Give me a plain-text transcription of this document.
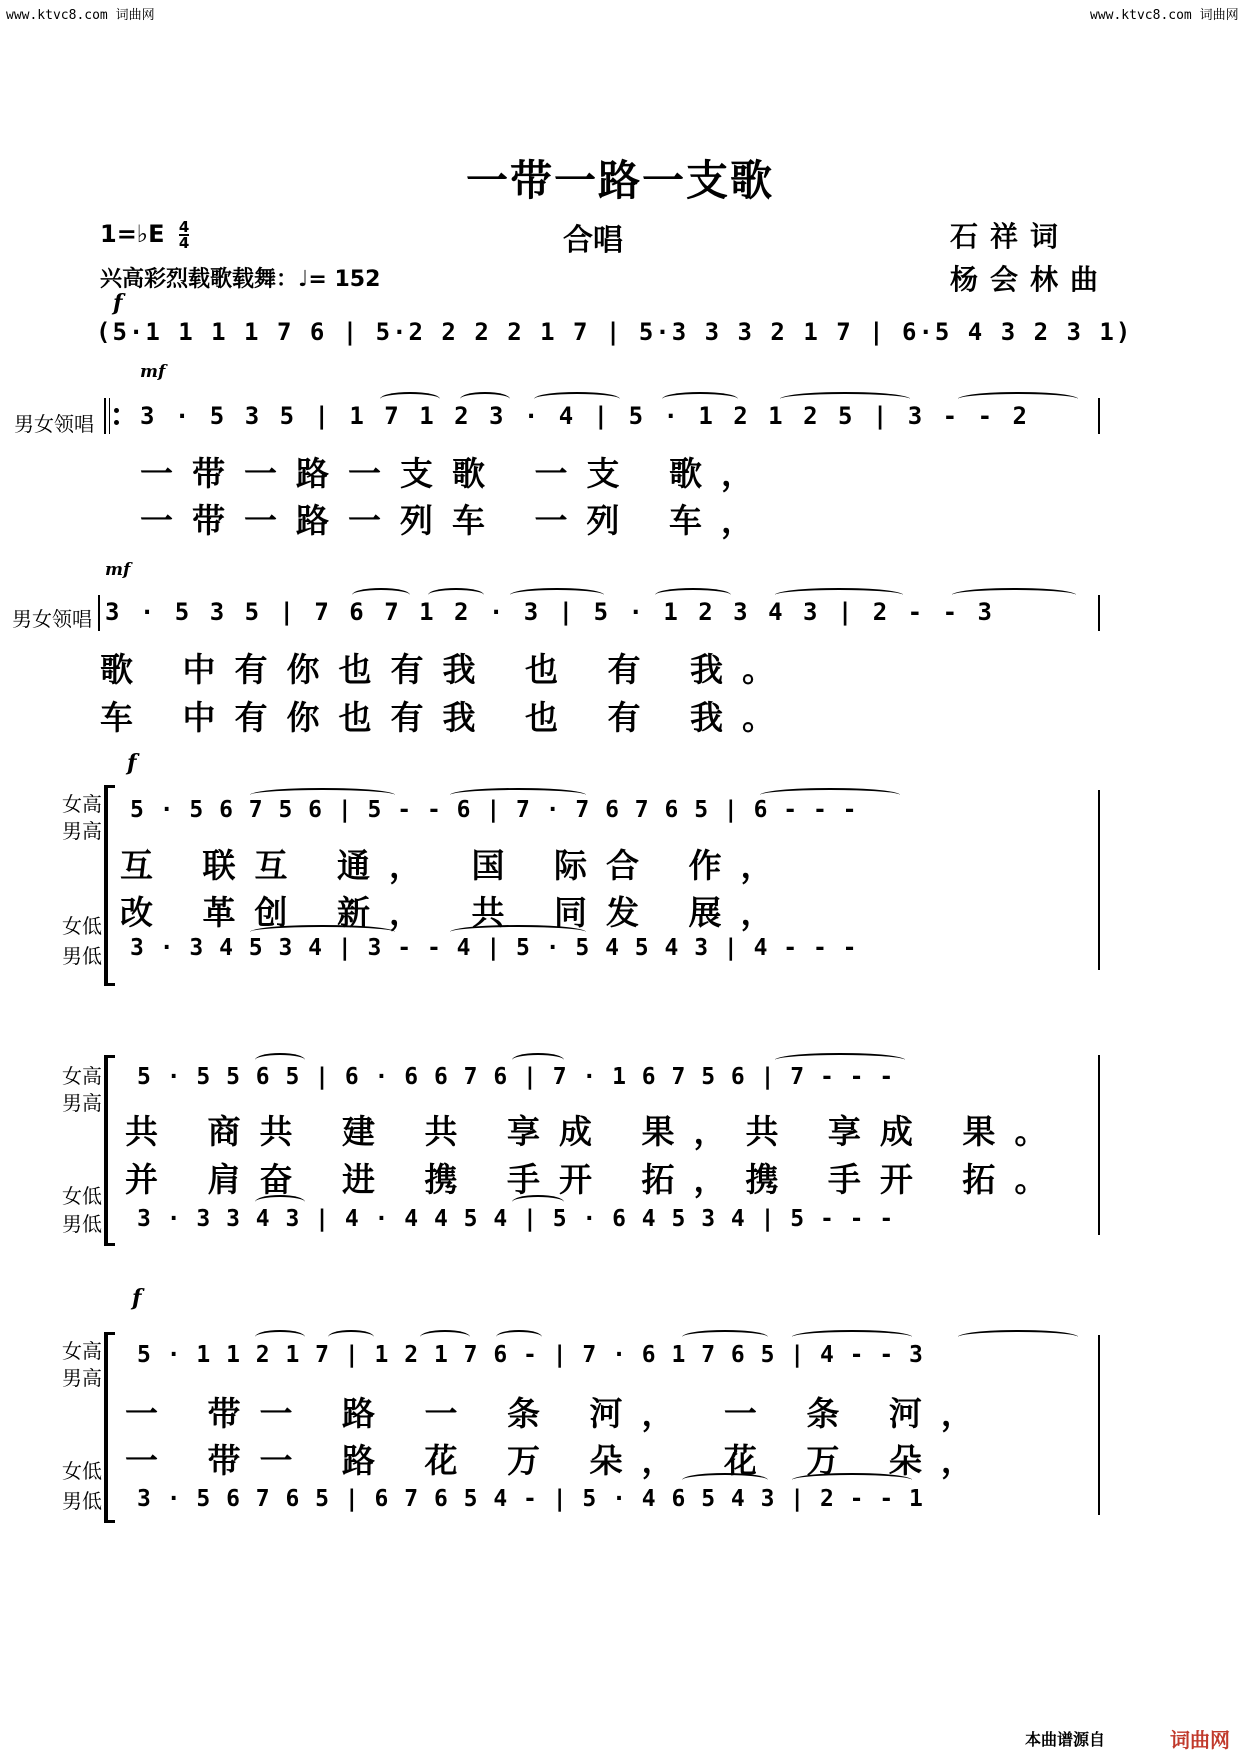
www.ktvc8.com 词曲网	www.ktvc8.com 词曲网
一带一路一支歌
合唱
1=♭E $\frac{4}{4}$
兴高彩烈载歌载舞：♩= 152
石祥词
杨会林曲
f
(5·1 1 1 1 7 6 | 5·2 2 2 2 1 7 | 5·3 3 3 2 1 7 | 6·5 4 3 2 3 1)
mf
男女领唱 3 · 5 3 5 | 1 7 1 2 3 · 4 | 5 · 1 2 1 2 5 | 3 - - 2
一带一路一支歌 一支 歌，
一带一路一列车 一列 车，
mf
男女领唱 3 · 5 3 5 | 7 6 7 1 2 · 3 | 5 · 1 2 3 4 3 | 2 - - 3
歌 中有你也有我 也 有 我。
车 中有你也有我 也 有 我。
f
女高
男高
5 · 5 6 7 5 6 | 5 - - 6 | 7 · 7 6 7 6 5 | 6 - - -
互 联互 通， 国 际合 作，
改 革创 新， 共 同发 展，
女低
男低 3 · 3 4 5 3 4 | 3 - - 4 | 5 · 5 4 5 4 3 | 4 - - -
女高
男高
5 · 5 5 6 5 | 6 · 6 6 7 6 | 7 · 1 6 7 5 6 | 7 - - -
共 商共 建 共 享成 果，共 享成 果。
并 肩奋 进 携 手开 拓，携 手开 拓。
女低
男低 3 · 3 3 4 3 | 4 · 4 4 5 4 | 5 · 6 4 5 3 4 | 5 - - -
f
女高
男高
5 · 1 1 2 1 7 | 1 2 1 7 6 - | 7 · 6 1 7 6 5 | 4 - - 3
一 带一 路 一 条 河， 一 条 河，
一 带一 路 花 万 朵， 花 万 朵，
女低
男低 3 · 5 6 7 6 5 | 6 7 6 5 4 - | 5 · 4 6 5 4 3 | 2 - - 1
本曲谱源自	词曲网
